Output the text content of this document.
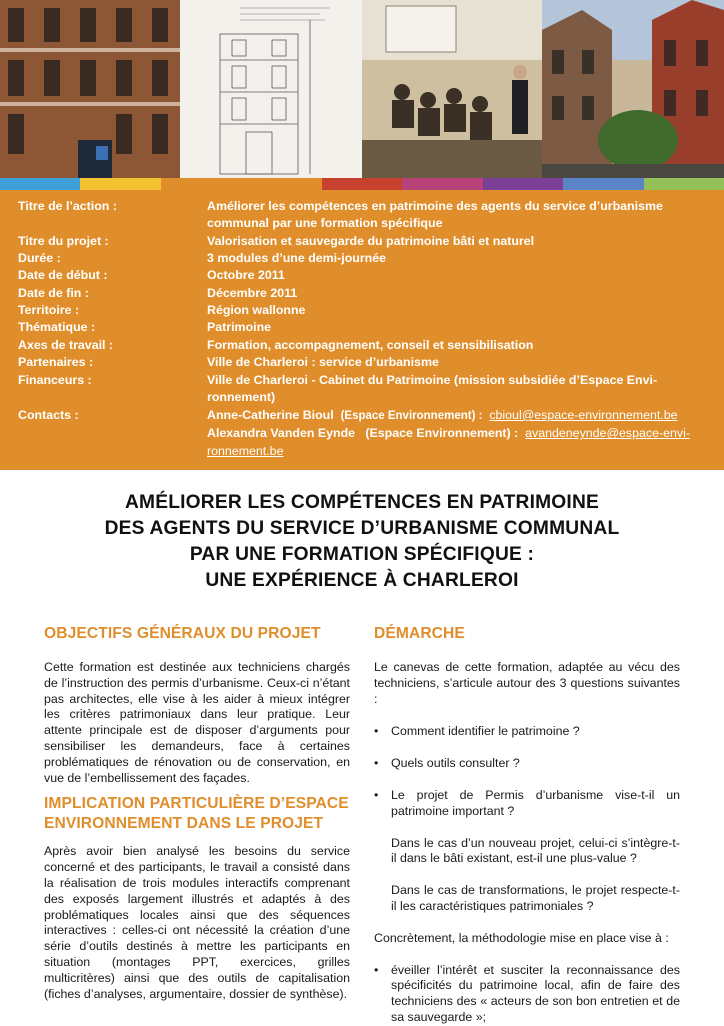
Titre de l’action :	Améliorer les compétences en patrimoine des agents du service d’urbanisme
communal par une formation spécifique
Titre du projet :	Valorisation et sauvegarde du patrimoine bâti et naturel
Durée :	3 modules d’une demi-journée
Date de début :	Octobre 2011
Date de fin :	Décembre 2011
Territoire :	Région wallonne
Thématique :	Patrimoine
Axes de travail :	Formation, accompagnement, conseil et sensibilisation
Partenaires :	Ville de Charleroi : service d’urbanisme
Financeurs :	Ville de Charleroi - Cabinet du Patrimoine (mission subsidiée d’Espace Envi-
ronnement)
Contacts :	Anne-Catherine Bioul (Espace Environnement) : cbioul@espace-environnement.be
Alexandra Vanden Eynde (Espace Environnement) : avandeneynde@espace-envi-
ronnement.be
AMÉLIORER LES COMPÉTENCES EN PATRIMOINE
DES AGENTS DU SERVICE D’URBANISME COMMUNAL
PAR UNE FORMATION SPÉCIFIQUE :
UNE EXPÉRIENCE À CHARLEROI
OBJECTIFS GÉNÉRAUX DU PROJET

Cette formation est destinée aux techniciens chargés de l’instruction des permis d’urbanisme. Ceux-ci n’étant pas architectes, elle vise à les aider à mieux intégrer les critères patrimoniaux dans leur pratique. Leur attente principale est de disposer d’arguments pour sensibiliser les demandeurs, face à certaines problématiques de rénovation ou de conservation, en vue de l’embellissement des façades.

IMPLICATION PARTICULIÈRE D’ESPACE
ENVIRONNEMENT DANS LE PROJET

Après avoir bien analysé les besoins du service concerné et des participants, le travail a consisté dans la réalisation de trois modules interactifs comprenant des exposés largement illustrés et adaptés à des problématiques locales ainsi que des séquences interactives : celles-ci ont nécessité la création d’une série d’outils destinés à mettre les participants en situation (montages PPT, exercices, grilles multicritères) ainsi que des outils de capitalisation (fiches d’analyses, argumentaire, dossier de synthèse).

DÉMARCHE

Le canevas de cette formation, adaptée au vécu des techniciens, s’articule autour des 3 questions suivantes :

• Comment identifier le patrimoine ?
• Quels outils consulter ?
• Le projet de Permis d’urbanisme vise-t-il un patrimoine important ?

Dans le cas d’un nouveau projet, celui-ci s’intègre-t-il dans le bâti existant, est-il une plus-value ?

Dans le cas de transformations, le projet respecte-t-il les caractéristiques patrimoniales ?

Concrètement, la méthodologie mise en place vise à :

• éveiller l’intérêt et susciter la reconnaissance des spécificités du patrimoine local, afin de faire des techniciens des « acteurs de son bon entretien et de sa sauvegarde »;
